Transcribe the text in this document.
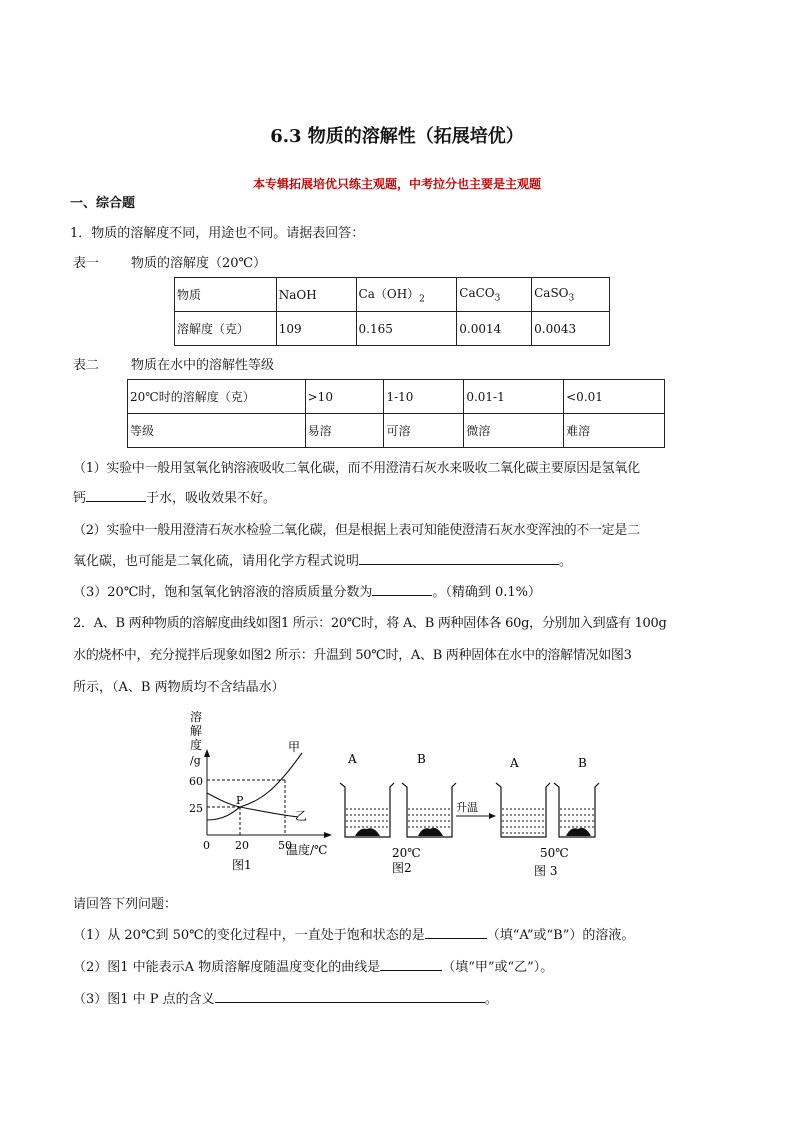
6.3 物质的溶解性（拓展培优）
本专辑拓展培优只练主观题，中考拉分也主要是主观题
一、综合题
1．物质的溶解度不同，用途也不同。请据表回答：
表一 物质的溶解度（20℃）
物质	NaOH	$Ca(OH)_2$	CaCO$_3$	CaSO$_3$
溶解度（克）	109	0.165	0.0014	0.0043
表二 物质在水中的溶解性等级
20℃时的溶解度（克）	>10	1-10	0.01-1	<0.01
等级	易溶	可溶	微溶	难溶
（1）实验中一般用氢氧化钠溶液吸收二氧化碳，而不用澄清石灰水来吸收二氧化碳主要原因是氢氧化
钙	于水，吸收效果不好。
（2）实验中一般用澄清石灰水检验二氧化碳，但是根据上表可知能使澄清石灰水变浑浊的不一定是二
氧化碳，也可能是二氧化硫，请用化学方程式说明	。
（3）20℃时，饱和氢氧化钠溶液的溶质质量分数为	。（精确到 0.1%）
2．A、B 两种物质的溶解度曲线如图1 所示：20℃时，将 A、B 两种固体各 60g，分别加入到盛有 100g
水的烧杯中，充分搅拌后现象如图2 所示：升温到 50℃时，A、B 两种固体在水中的溶解情况如图3
所示，（A、B 两物质均不含结晶水）
溶
解
度
/g
60
25
0 20	50
温度/℃
甲
乙
P
图1
A	B
20℃
图2
升温
A	B
50℃
图 3
请回答下列问题：
（1）从 20℃到 50℃的变化过程中，一直处于饱和状态的是	（填“A”或“B”）的溶液。
（2）图1 中能表示A 物质溶解度随温度变化的曲线是	（填“甲”或“乙”）。
（3）图1 中 P 点的含义	。
